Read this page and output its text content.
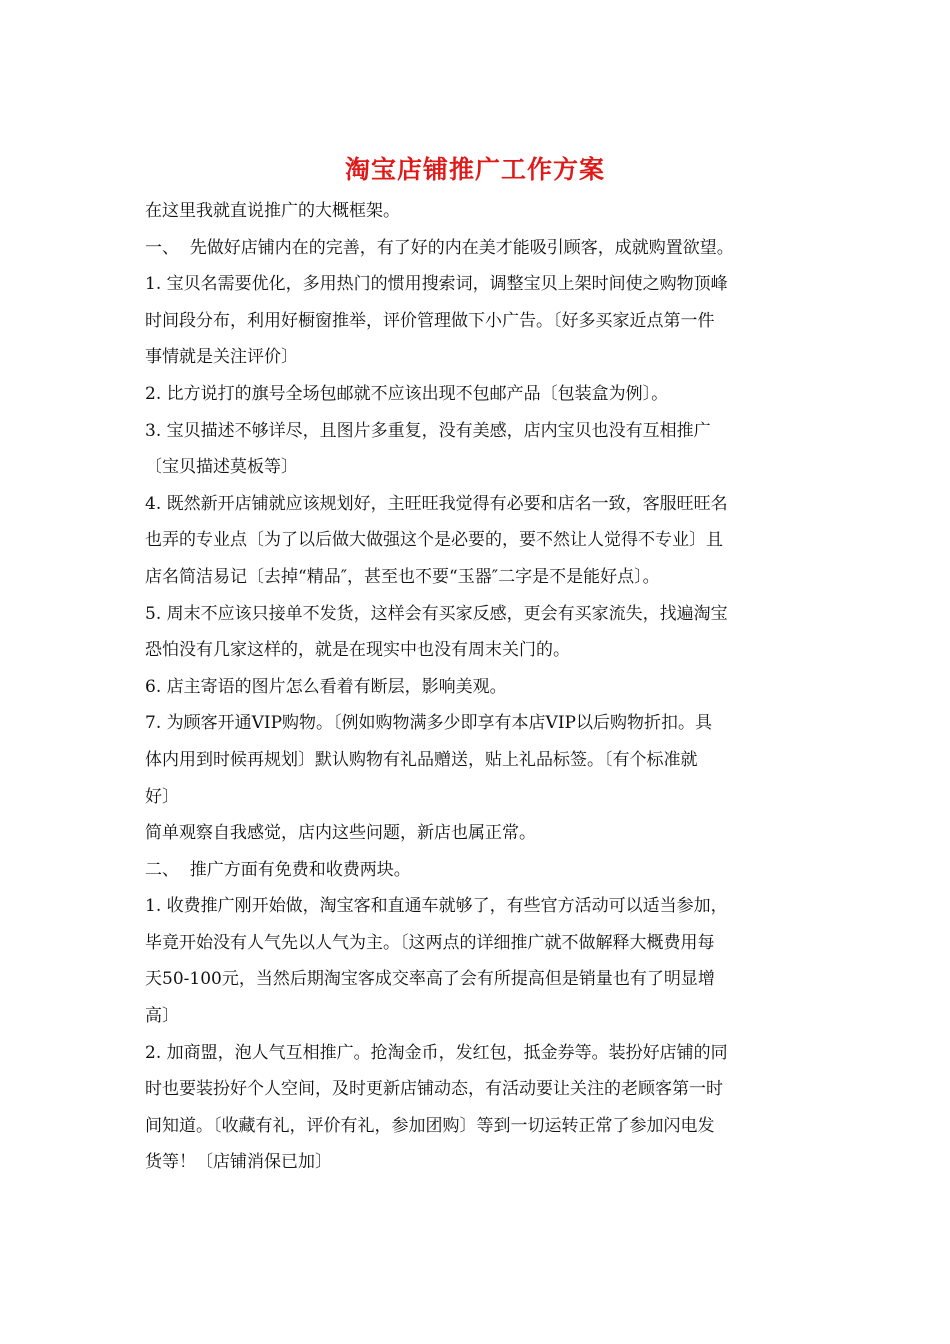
淘宝店铺推广工作方案

在这里我就直说推广的大概框架。

一、  先做好店铺内在的完善，有了好的内在美才能吸引顾客，成就购置欲望。

1. 宝贝名需要优化，多用热门的惯用搜索词，调整宝贝上架时间使之购物顶峰

时间段分布，利用好橱窗推举，评价管理做下小广告。〔好多买家近点第一件

事情就是关注评价〕

2. 比方说打的旗号全场包邮就不应该出现不包邮产品〔包装盒为例〕。

3. 宝贝描述不够详尽，且图片多重复，没有美感，店内宝贝也没有互相推广

〔宝贝描述莫板等〕

4. 既然新开店铺就应该规划好，主旺旺我觉得有必要和店名一致，客服旺旺名

也弄的专业点〔为了以后做大做强这个是必要的，要不然让人觉得不专业〕且

店名简洁易记〔去掉“精品″，甚至也不要“玉器″二字是不是能好点〕。

5. 周末不应该只接单不发货，这样会有买家反感，更会有买家流失，找遍淘宝

恐怕没有几家这样的，就是在现实中也没有周末关门的。

6. 店主寄语的图片怎么看着有断层，影响美观。

7. 为顾客开通VIP购物。〔例如购物满多少即享有本店VIP以后购物折扣。具

体内用到时候再规划〕默认购物有礼品赠送，贴上礼品标签。〔有个标准就

好〕

简单观察自我感觉，店内这些问题，新店也属正常。

二、  推广方面有免费和收费两块。

1. 收费推广刚开始做，淘宝客和直通车就够了，有些官方活动可以适当参加，

毕竟开始没有人气先以人气为主。〔这两点的详细推广就不做解释大概费用每

天50-100元，当然后期淘宝客成交率高了会有所提高但是销量也有了明显增

高〕

2. 加商盟，泡人气互相推广。抢淘金币，发红包，抵金券等。装扮好店铺的同

时也要装扮好个人空间，及时更新店铺动态，有活动要让关注的老顾客第一时

间知道。〔收藏有礼，评价有礼，参加团购〕等到一切运转正常了参加闪电发

货等！〔店铺消保已加〕
